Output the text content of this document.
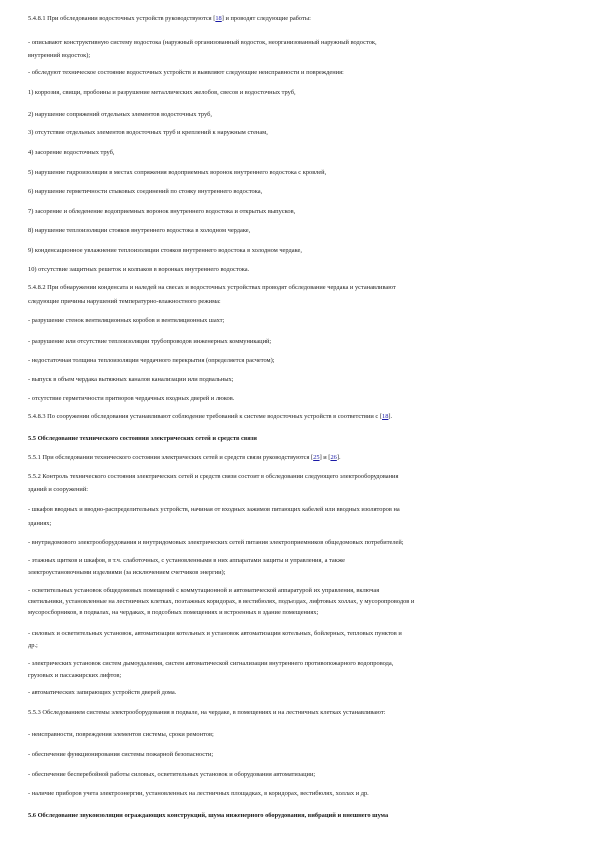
5.4.8.1 При обследовании водосточных устройств руководствуются [18] и проводят следующие работы:
- описывают конструктивную систему водостока (наружный организованный водосток, неорганизованный наружный водосток,
внутренний водосток);
- обследуют техническое состояние водосточных устройств и выявляют следующие неисправности и повреждения:
1) коррозия, свищи, пробоины и разрушение металлических желобов, свесов и водосточных труб,
2) нарушение сопряжений отдельных элементов водосточных труб,
3) отсутствие отдельных элементов водосточных труб и креплений к наружным стенам,
4) засорение водосточных труб,
5) нарушение гидроизоляции в местах сопряжения водоприемных воронок внутреннего водостока с кровлей,
6) нарушение герметичности стыковых соединений по стояку внутреннего водостока,
7) засорение и обледенение водоприемных воронок внутреннего водостока и открытых выпусков,
8) нарушение теплоизоляции стояков внутреннего водостока в холодном чердаке,
9) конденсационное увлажнение теплоизоляции стояков внутреннего водостока в холодном чердаке,
10) отсутствие защитных решеток и колпаков в воронках внутреннего водостока.
5.4.8.2 При обнаружении конденсата и наледей на свесах и водосточных устройствах проводят обследование чердака и устанавливают
следующие причины нарушений температурно-влажностного режима:
- разрушение стенок вентиляционных коробов и вентиляционных шахт;
- разрушение или отсутствие теплоизоляции трубопроводов инженерных коммуникаций;
- недостаточная толщина теплоизоляции чердачного перекрытия (определяется расчетом);
- выпуск в объем чердака вытяжных каналов канализации или подвальных;
- отсутствие герметичности притворов чердачных входных дверей и люков.
5.4.8.3 По сооружении обследования устанавливают соблюдение требований к системе водосточных устройств в соответствии с [18].
5.5 Обследование технического состояния электрических сетей и средств связи
5.5.1 При обследовании технического состояния электрических сетей и средств связи руководствуются [25] и [26].
5.5.2 Контроль технического состояния электрических сетей и средств связи состоит в обследовании следующего электрооборудования
зданий и сооружений:
- шкафов вводных и вводно-распределительных устройств, начиная от входных зажимов питающих кабелей или вводных изоляторов на
зданиях;
- внутридомового электрооборудования и внутридомовых электрических сетей питания электроприемников общедомовых потребителей;
- этажных щитков и шкафов, в т.ч. слаботочных, с установленными в них аппаратами защиты и управления, а также
электроустановочными изделиями (за исключением счетчиков энергии);
- осветительных установок общедомовых помещений с коммутационной и автоматической аппаратурой их управления, включая
светильники, установленные на лестничных клетках, поэтажных коридорах, в вестибюлях, подъездах, лифтовых холлах, у мусоропроводов и
мусоросборников, в подвалах, на чердаках, в подсобных помещениях и встроенных в здание помещениях;
- силовых и осветительных установок, автоматизации котельных и установок автоматизации котельных, бойлерных, тепловых пунктов и
др.;
- электрических установок систем дымоудаления, систем автоматической сигнализации внутреннего противопожарного водопровода,
грузовых и пассажирских лифтов;
- автоматических запирающих устройств дверей дома.
5.5.3 Обследованием системы электрооборудования в подвале, на чердаке, в помещениях и на лестничных клетках устанавливают:
- неисправности, повреждения элементов системы, сроки ремонтов;
- обеспечение функционирования системы пожарной безопасности;
- обеспечение бесперебойной работы силовых, осветительных установок и оборудования автоматизации;
- наличие приборов учета электроэнергии, установленных на лестничных площадках, в коридорах, вестибюлях, холлах и др.
5.6 Обследование звукоизоляции ограждающих конструкций, шума инженерного оборудования, вибраций и внешнего шума
